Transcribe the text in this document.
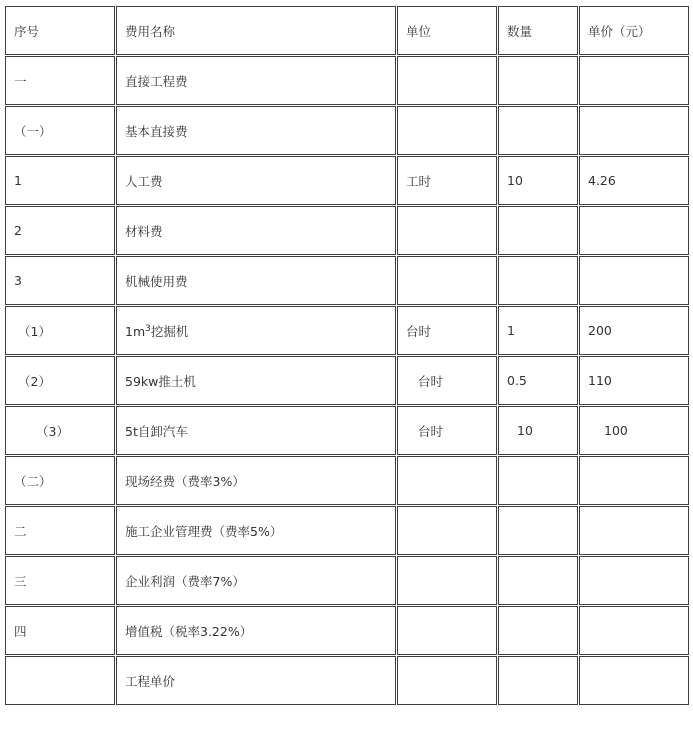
序号	费用名称	单位	数量	单价（元）
一	直接工程费			
（一）	基本直接费			
1	人工费	工时	10	4.26
2	材料费			
3	机械使用费			
（1）	$1m^3$挖掘机	台时	1	200
（2）	59kw推土机	台时	0.5	110
（3）	5t自卸汽车	台时	10	100
（二）	现场经费（费率3%）			
二	施工企业管理费（费率5%）			
三	企业利润（费率7%）			
四	增值税（税率3.22%）			
	工程单价			
